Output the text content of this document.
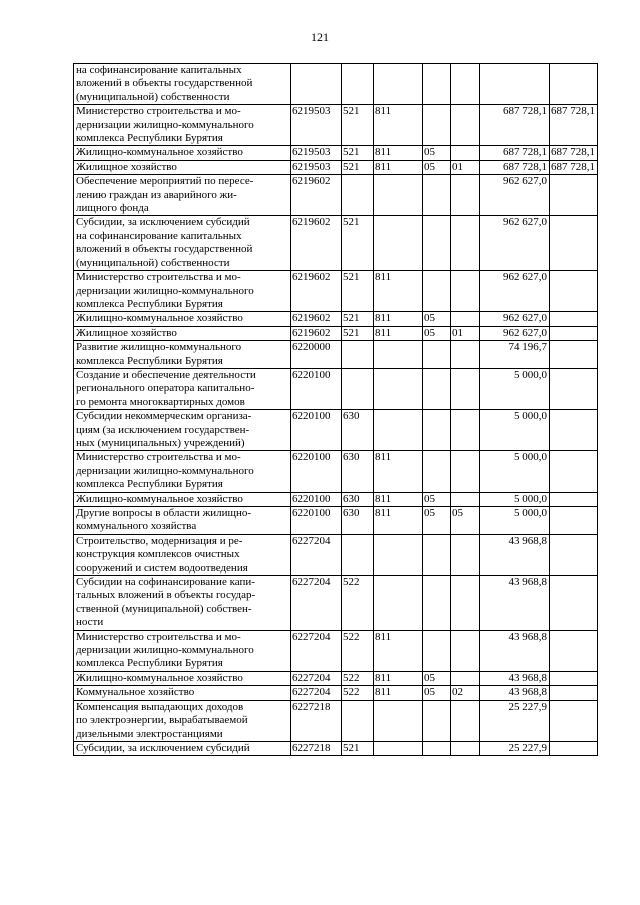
121
на софинансирование капитальных
вложений в объекты государственной
(муниципальной) собственности							

Министерство строительства и мо-
дернизации жилищно-коммунального
комплекса Республики Бурятия	6219503	521	811			687 728,1	687 728,1

Жилищно-коммунальное хозяйство	6219503	521	811	05		687 728,1	687 728,1

Жилищное хозяйство	6219503	521	811	05	01	687 728,1	687 728,1

Обеспечение мероприятий по пересе-
лению граждан из аварийного жи-
лищного фонда	6219602					962 627,0	

Субсидии, за исключением субсидий
на софинансирование капитальных
вложений в объекты государственной
(муниципальной) собственности	6219602	521				962 627,0	

Министерство строительства и мо-
дернизации жилищно-коммунального
комплекса Республики Бурятия	6219602	521	811			962 627,0	

Жилищно-коммунальное хозяйство	6219602	521	811	05		962 627,0	

Жилищное хозяйство	6219602	521	811	05	01	962 627,0	

Развитие жилищно-коммунального
комплекса Республики Бурятия	6220000					74 196,7	

Создание и обеспечение деятельности
регионального оператора капитально-
го ремонта многоквартирных домов	6220100					5 000,0	

Субсидии некоммерческим организа-
циям (за исключением государствен-
ных (муниципальных) учреждений)	6220100	630				5 000,0	

Министерство строительства и мо-
дернизации жилищно-коммунального
комплекса Республики Бурятия	6220100	630	811			5 000,0	

Жилищно-коммунальное хозяйство	6220100	630	811	05		5 000,0	

Другие вопросы в области жилищно-
коммунального хозяйства	6220100	630	811	05	05	5 000,0	

Строительство, модернизация и ре-
конструкция комплексов очистных
сооружений и систем водоотведения	6227204					43 968,8	

Субсидии на софинансирование капи-
тальных вложений в объекты государ-
ственной (муниципальной) собствен-
ности	6227204	522				43 968,8	

Министерство строительства и мо-
дернизации жилищно-коммунального
комплекса Республики Бурятия	6227204	522	811			43 968,8	

Жилищно-коммунальное хозяйство	6227204	522	811	05		43 968,8	

Коммунальное хозяйство	6227204	522	811	05	02	43 968,8	

Компенсация выпадающих доходов
по электроэнергии, вырабатываемой
дизельными электростанциями	6227218					25 227,9	

Субсидии, за исключением субсидий	6227218	521				25 227,9	
